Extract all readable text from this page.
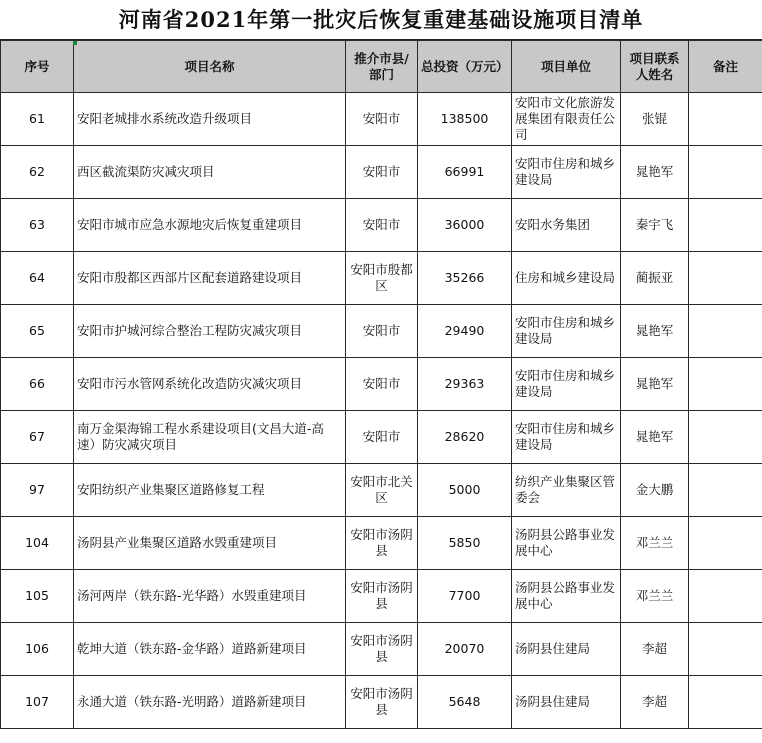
河南省2021年第一批灾后恢复重建基础设施项目清单
序号	项目名称	推介市县/部门	总投资（万元）	项目单位	项目联系人姓名	备注
61	安阳老城排水系统改造升级项目	安阳市	138500	安阳市文化旅游发展集团有限责任公司	张锟	
62	西区截流渠防灾减灾项目	安阳市	66991	安阳市住房和城乡建设局	晁艳军	
63	安阳市城市应急水源地灾后恢复重建项目	安阳市	36000	安阳水务集团	秦宇飞	
64	安阳市殷都区西部片区配套道路建设项目	安阳市殷都区	35266	住房和城乡建设局	蔺振亚	
65	安阳市护城河综合整治工程防灾减灾项目	安阳市	29490	安阳市住房和城乡建设局	晁艳军	
66	安阳市污水管网系统化改造防灾减灾项目	安阳市	29363	安阳市住房和城乡建设局	晁艳军	
67	南万金渠海锦工程水系建设项目(文昌大道-高速）防灾减灾项目	安阳市	28620	安阳市住房和城乡建设局	晁艳军	
97	安阳纺织产业集聚区道路修复工程	安阳市北关区	5000	纺织产业集聚区管委会	金大鹏	
104	汤阴县产业集聚区道路水毁重建项目	安阳市汤阴县	5850	汤阴县公路事业发展中心	邓兰兰	
105	汤河两岸（铁东路-光华路）水毁重建项目	安阳市汤阴县	7700	汤阴县公路事业发展中心	邓兰兰	
106	乾坤大道（铁东路-金华路）道路新建项目	安阳市汤阴县	20070	汤阴县住建局	李超	
107	永通大道（铁东路-光明路）道路新建项目	安阳市汤阴县	5648	汤阴县住建局	李超	
